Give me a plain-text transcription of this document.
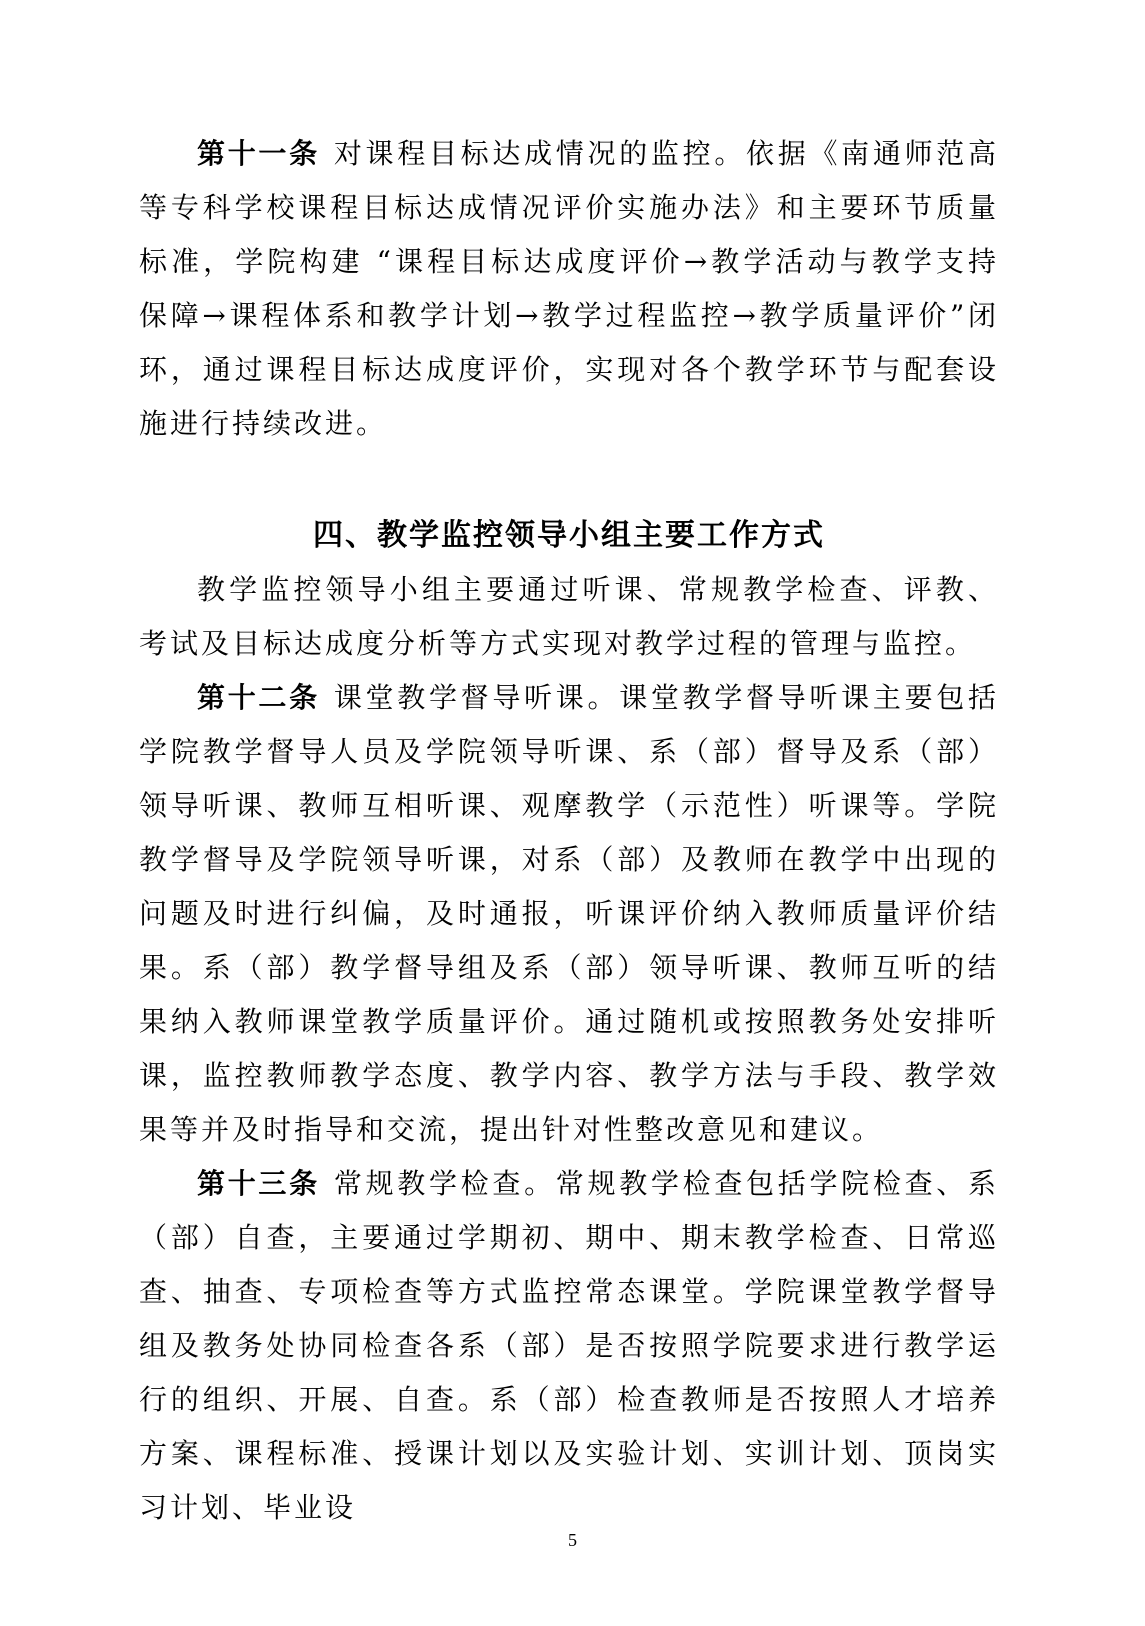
第十一条 对课程目标达成情况的监控。依据《南通师范高等专科学校课程目标达成情况评价实施办法》和主要环节质量标准，学院构建 “课程目标达成度评价→教学活动与教学支持保障→课程体系和教学计划→教学过程监控→教学质量评价”闭环，通过课程目标达成度评价，实现对各个教学环节与配套设施进行持续改进。

四、教学监控领导小组主要工作方式

教学监控领导小组主要通过听课、常规教学检查、评教、考试及目标达成度分析等方式实现对教学过程的管理与监控。

第十二条 课堂教学督导听课。课堂教学督导听课主要包括学院教学督导人员及学院领导听课、系（部）督导及系（部）领导听课、教师互相听课、观摩教学（示范性）听课等。学院教学督导及学院领导听课，对系（部）及教师在教学中出现的问题及时进行纠偏，及时通报，听课评价纳入教师质量评价结果。系（部）教学督导组及系（部）领导听课、教师互听的结果纳入教师课堂教学质量评价。通过随机或按照教务处安排听课，监控教师教学态度、教学内容、教学方法与手段、教学效果等并及时指导和交流，提出针对性整改意见和建议。

第十三条 常规教学检查。常规教学检查包括学院检查、系（部）自查，主要通过学期初、期中、期末教学检查、日常巡查、抽查、专项检查等方式监控常态课堂。学院课堂教学督导组及教务处协同检查各系（部）是否按照学院要求进行教学运行的组织、开展、自查。系（部）检查教师是否按照人才培养方案、课程标准、授课计划以及实验计划、实训计划、顶岗实习计划、毕业设

5
